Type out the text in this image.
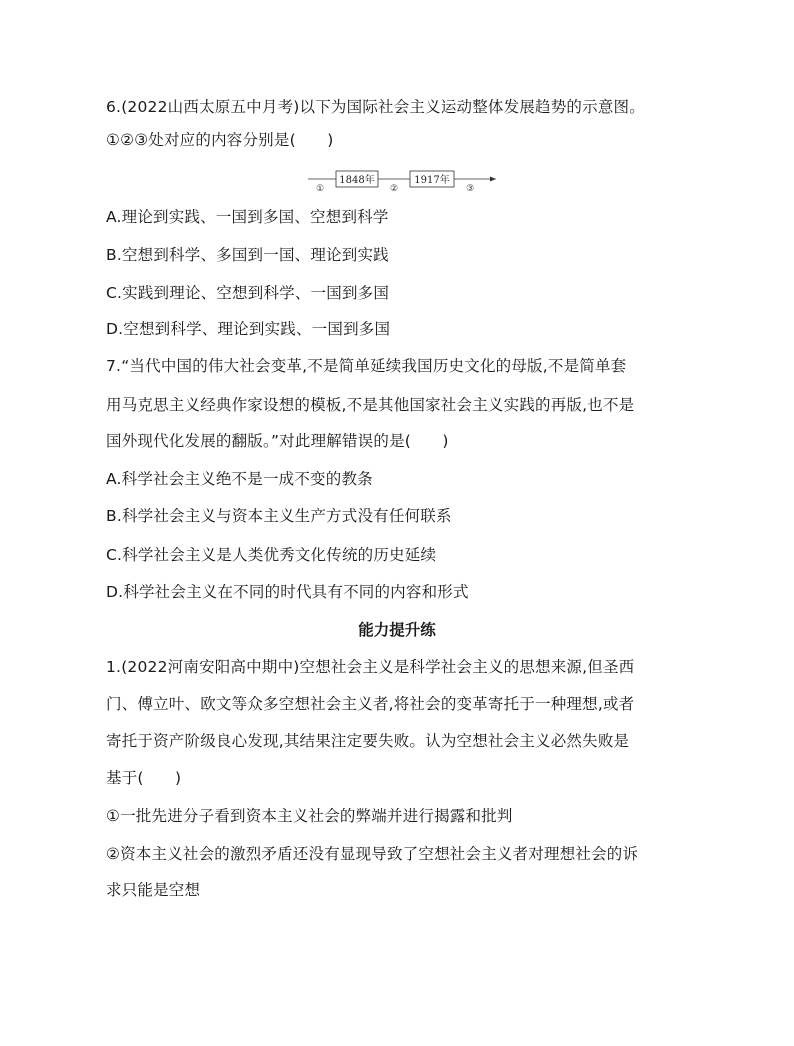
6.(2022山西太原五中月考)以下为国际社会主义运动整体发展趋势的示意图。
①②③处对应的内容分别是(　　)
1848年	1917年
①	②	③
A.理论到实践、一国到多国、空想到科学
B.空想到科学、多国到一国、理论到实践
C.实践到理论、空想到科学、一国到多国
D.空想到科学、理论到实践、一国到多国
7.“当代中国的伟大社会变革,不是简单延续我国历史文化的母版,不是简单套
用马克思主义经典作家设想的模板,不是其他国家社会主义实践的再版,也不是
国外现代化发展的翻版。”对此理解错误的是(　　)
A.科学社会主义绝不是一成不变的教条
B.科学社会主义与资本主义生产方式没有任何联系
C.科学社会主义是人类优秀文化传统的历史延续
D.科学社会主义在不同的时代具有不同的内容和形式
能力提升练
1.(2022河南安阳高中期中)空想社会主义是科学社会主义的思想来源,但圣西
门、傅立叶、欧文等众多空想社会主义者,将社会的变革寄托于一种理想,或者
寄托于资产阶级良心发现,其结果注定要失败。认为空想社会主义必然失败是
基于(　　)
①一批先进分子看到资本主义社会的弊端并进行揭露和批判
②资本主义社会的激烈矛盾还没有显现导致了空想社会主义者对理想社会的诉
求只能是空想
